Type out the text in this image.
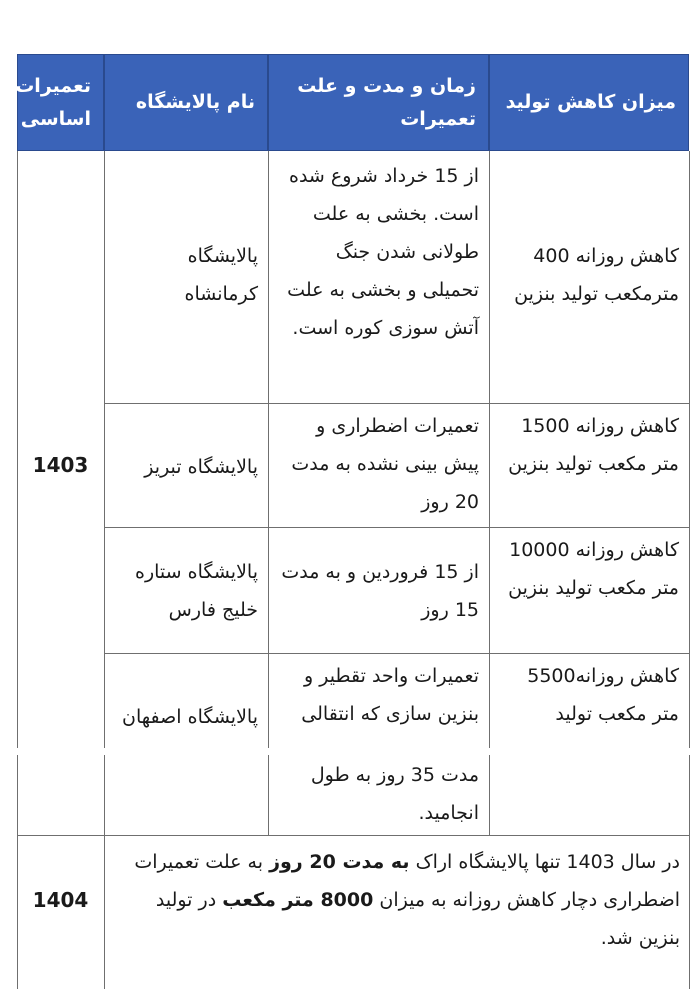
میزان کاهش تولید
زمان و مدت و علت تعمیرات
نام پالایشگاه
تعمیرات اساسی
کاهش روزانه 400 مترمکعب تولید بنزین
از 15 خرداد شروع شده است. بخشی به علت طولانی شدن جنگ تحمیلی و بخشی به علت آتش سوزی کوره است.
پالایشگاه کرمانشاه
کاهش روزانه 1500 متر مکعب تولید بنزین
تعمیرات اضطراری و پیش بینی نشده به مدت 20 روز
پالایشگاه تبریز
کاهش روزانه 10000 متر مکعب تولید بنزین
از 15 فروردین و به مدت 15 روز
پالایشگاه ستاره خلیج فارس
کاهش روزانه5500 متر مکعب تولید
تعمیرات واحد تقطیر و بنزین سازی که انتقالی
پالایشگاه اصفهان
مدت 35 روز به طول انجامید.
1403
1404
در سال 1403 تنها پالایشگاه اراک به مدت 20 روز به علت تعمیرات اضطراری دچار کاهش روزانه به میزان 8000 متر مکعب در تولید بنزین شد.
